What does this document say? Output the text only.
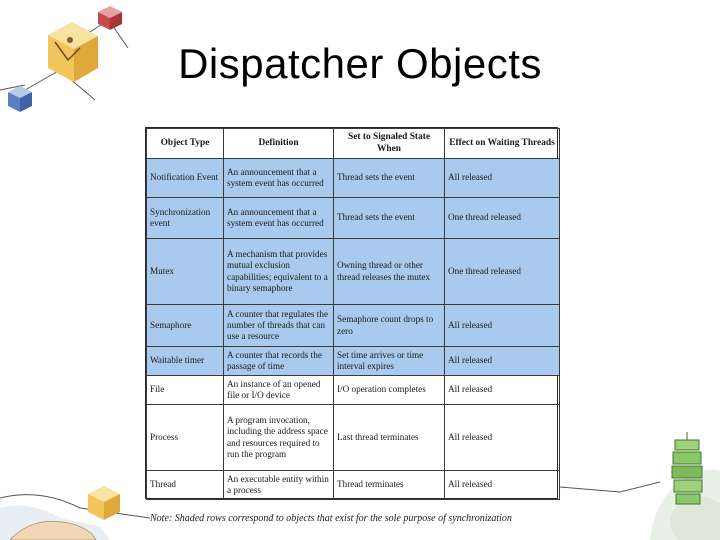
Dispatcher Objects
Object Type	Definition	Set to Signaled State When	Effect on Waiting Threads
Notification Event	An announcement that a system event has occurred	Thread sets the event	All released
Synchronization event	An announcement that a system event has occurred	Thread sets the event	One thread released
Mutex	A mechanism that provides mutual exclusion capabilities; equivalent to a binary semaphore	Owning thread or other thread releases the mutex	One thread released
Semaphore	A counter that regulates the number of threads that can use a resource	Semaphore count drops to zero	All released
Waitable timer	A counter that records the passage of time	Set time arrives or time interval expires	All released
File	An instance of an opened file or I/O device	I/O operation completes	All released
Process	A program invocation, including the address space and resources required to run the program	Last thread terminates	All released
Thread	An executable entity within a process	Thread terminates	All released
Note: Shaded rows correspond to objects that exist for the sole purpose of synchronization
